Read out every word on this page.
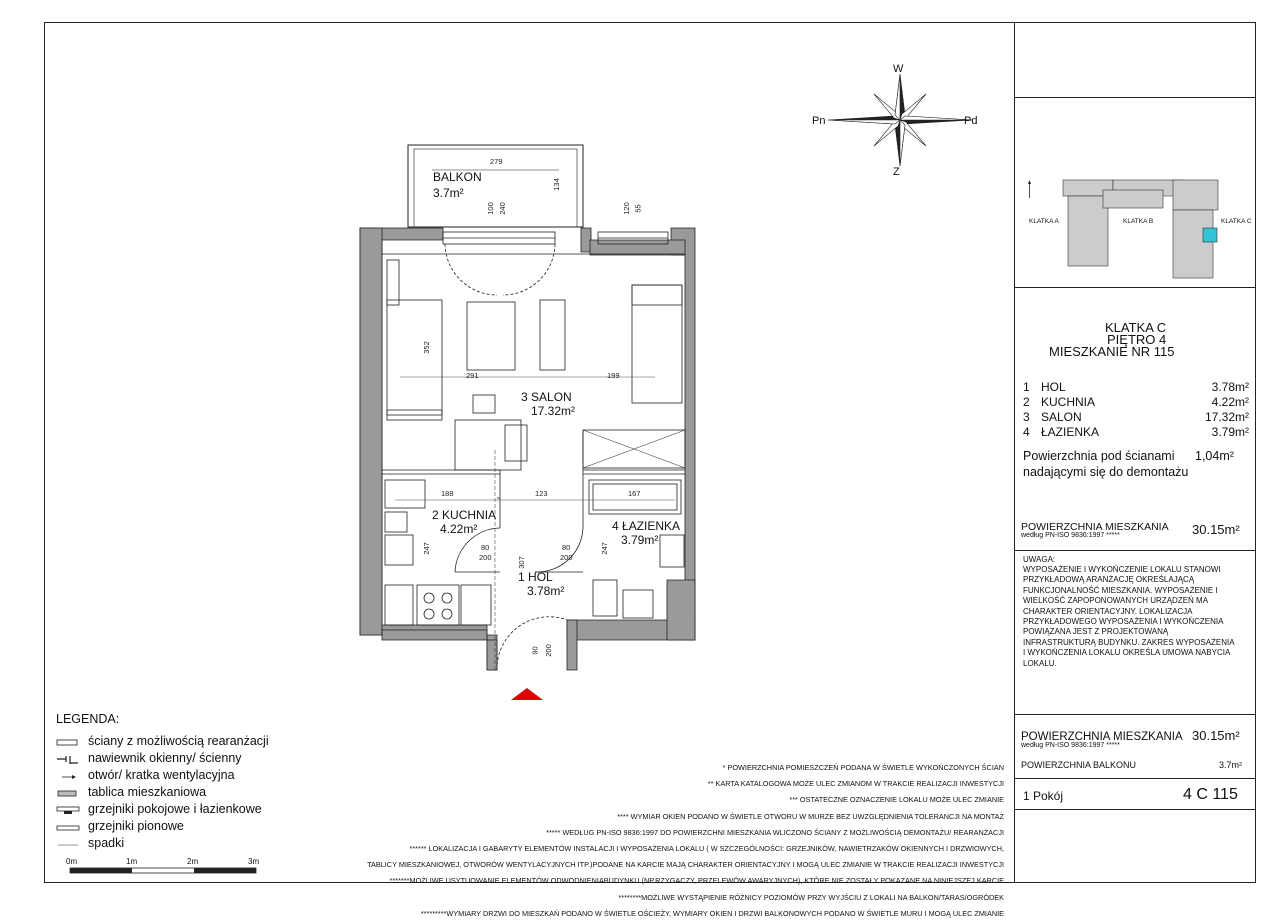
W
Z
Pn	Pd
BALKON
3.7m²
3 SALON
17.32m²
2 KUCHNIA
4.22m²	4 ŁAZIENKA
3.79m²
1 HOL
3.78m²
279
134
100 240	120 55
352
291	199
188	123	167
247	247
80
200
80
200
307
90 200
KLATKA A	KLATKA B	KLATKA C
KLATKA C
PIĘTRO 4
MIESZKANIE NR 115
1 HOL	3.78m²
2 KUCHNIA	4.22m²
3 SALON	17.32m²
4 ŁAZIENKA	3.79m²
Powierzchnia pod ścianami
nadającymi się do demontażu
1,04m²
POWIERZCHNIA MIESZKANIA
według PN-ISO 9836:1997 *****	30.15m²
UWAGA:
WYPOSAŻENIE I WYKOŃCZENIE LOKALU STANOWI
PRZYKŁADOWĄ ARANŻACJĘ OKREŚLAJĄCĄ
FUNKCJONALNOŚĆ MIESZKANIA. WYPOSAŻENIE I
WIELKOŚĆ ZAPOPONOWANYCH URZĄDZEŃ MA
CHARAKTER ORIENTACYJNY. LOKALIZACJA
PRZYKŁADOWEGO WYPOSAŻENIA I WYKOŃCZENIA
POWIĄZANA JEST Z PROJEKTOWANĄ
INFRASTRUKTURĄ BUDYNKU. ZAKRES WYPOSAŻENIA
I WYKOŃCZENIA LOKALU OKREŚLA UMOWA NABYCIA
LOKALU.
POWIERZCHNIA MIESZKANIA 30.15m²
według PN-ISO 9836:1997 *****
POWIERZCHNIA BALKONU	3.7m²
1 Pokój	4 C 115
LEGENDA:
ściany z możliwością rearanżacji
nawiewnik okienny/ ścienny
otwór/ kratka wentylacyjna
tablica mieszkaniowa
grzejniki pokojowe i łazienkowe
grzejniki pionowe
spadki
0m	1m	2m	3m
* POWIERZCHNIA POMIESZCZEŃ PODANA W ŚWIETLE WYKOŃCZONYCH ŚCIAN
** KARTA KATALOGOWA MOŻE ULEC ZMIANOM W TRAKCIE REALIZACJI INWESTYCJI
*** OSTATECZNE OZNACZENIE LOKALU MOŻE ULEC ZMIANIE
**** WYMIAR OKIEN PODANO W ŚWIETLE OTWORU W MURZE BEZ UWZGLĘDNIENIA TOLERANCJI NA MONTAŻ
***** WEDŁUG PN-ISO 9836:1997 DO POWIERZCHNI MIESZKANIA WLICZONO ŚCIANY Z MOŻLIWOŚCIĄ DEMONTAŻU/ REARANŻACJI
****** LOKALIZACJA I GABARYTY ELEMENTÓW INSTALACJI I WYPOSAŻENIA LOKALU ( W SZCZEGÓLNOŚCI: GRZEJNIKÓW, NAWIETRZAKÓW OKIENNYCH I DRZWIOWYCH,
TABLICY MIESZKANIOWEJ, OTWORÓW WENTYLACYJNYCH ITP.)PODANE NA KARCIE MAJĄ CHARAKTER ORIENTACYJNY I MOGĄ ULEC ZMIANIE W TRAKCIE REALIZACJI INWESTYCJI
*******MOŻLIWE USYTUOWANIE ELEMENTÓW ODWODNIENIABUDYNKU (NP.RZYGACZY, PRZELEWÓW AWARYJNYCH), KTÓRE NIE ZOSTAŁY POKAZANE NA NINIEJSZEJ KARCIE
********MOŻLIWE WYSTĄPIENIE RÓŻNICY POZIOMÓW PRZY WYJŚCIU Z LOKALI NA BALKON/TARAS/OGRÓDEK
*********WYMIARY DRZWI DO MIESZKAŃ PODANO W ŚWIETLE OŚCIEŻY, WYMIARY OKIEN I DRZWI BALKONOWYCH PODANO W ŚWIETLE MURU I MOGĄ ULEC ZMIANIE
